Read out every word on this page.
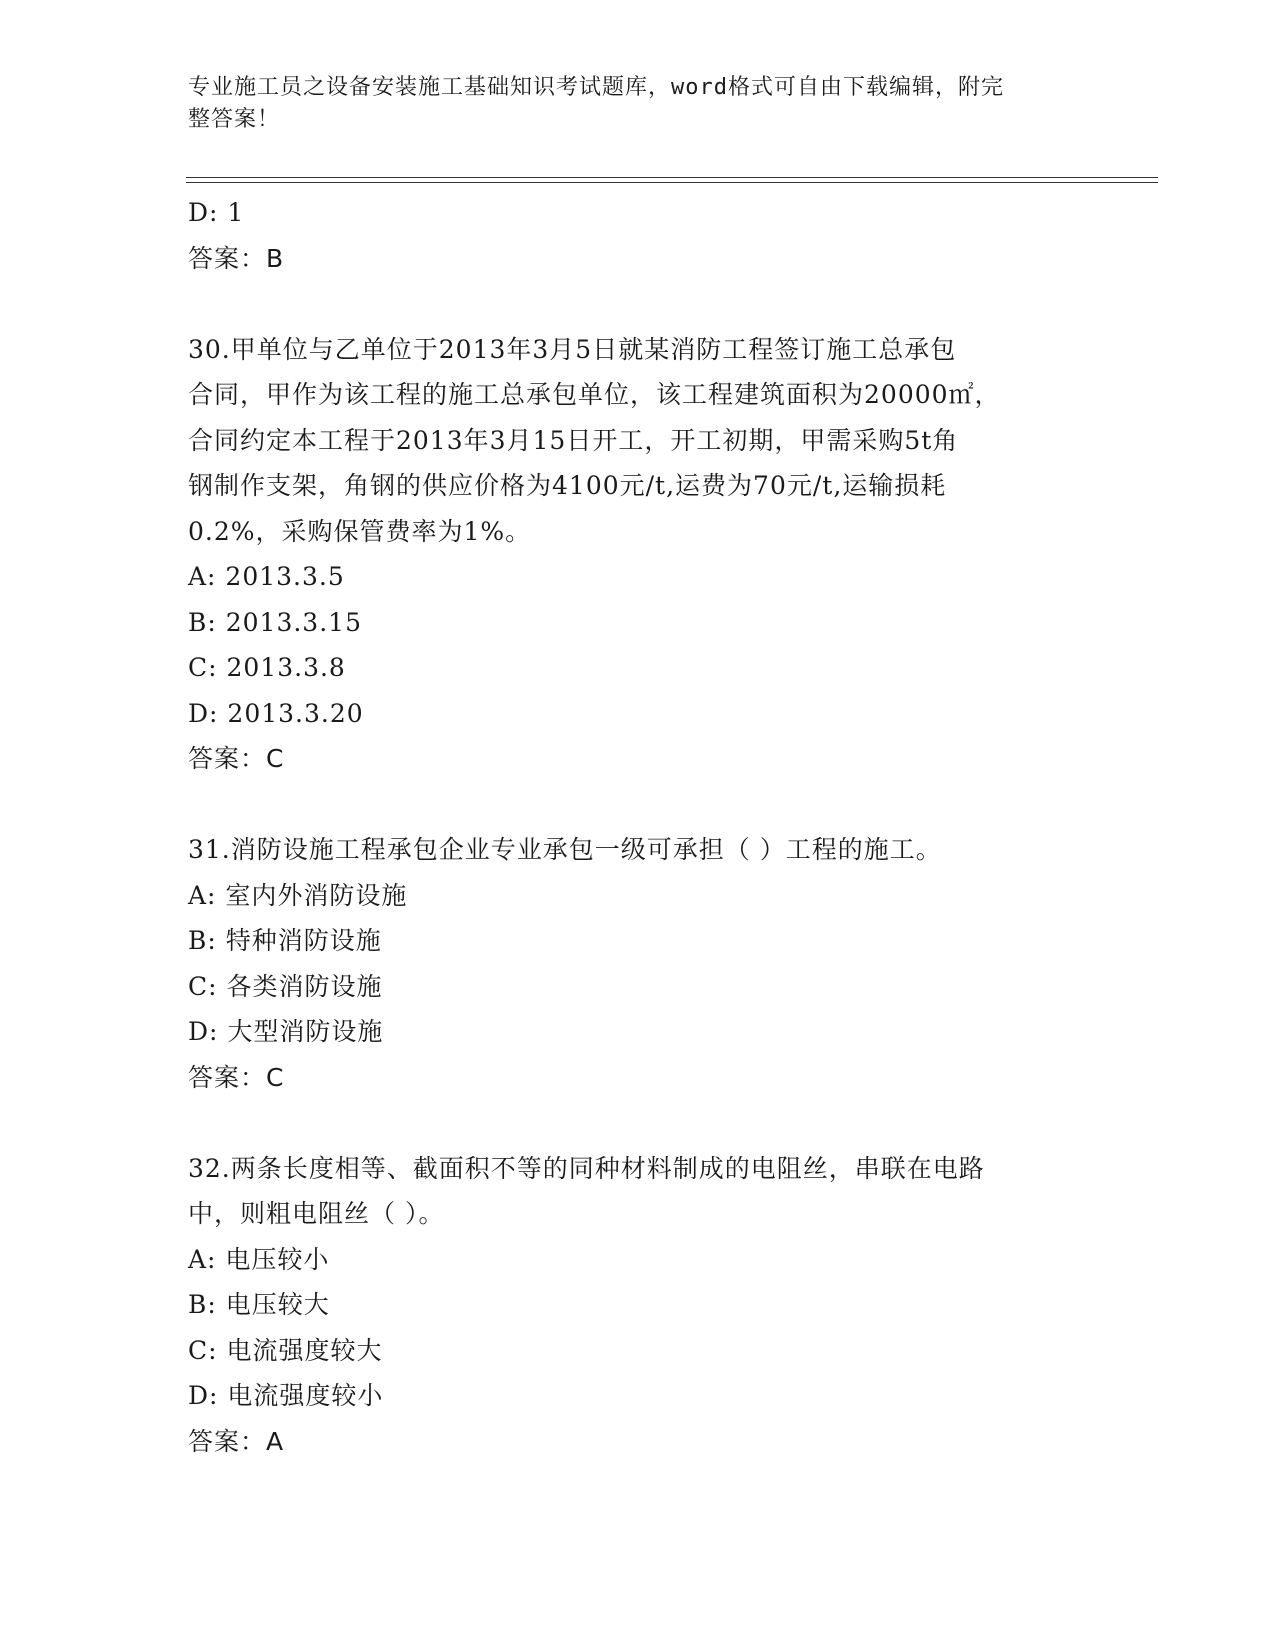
专业施工员之设备安装施工基础知识考试题库，word格式可自由下载编辑，附完
整答案！
D: 1
答案：B
30.甲单位与乙单位于2013年3月5日就某消防工程签订施工总承包
合同，甲作为该工程的施工总承包单位，该工程建筑面积为20000㎡，
合同约定本工程于2013年3月15日开工，开工初期，甲需采购5t角
钢制作支架，角钢的供应价格为4100元/t,运费为70元/t,运输损耗
0.2%，采购保管费率为1%。
A: 2013.3.5
B: 2013.3.15
C: 2013.3.8
D: 2013.3.20
答案：C
31.消防设施工程承包企业专业承包一级可承担（ ）工程的施工。
A: 室内外消防设施
B: 特种消防设施
C: 各类消防设施
D: 大型消防设施
答案：C
32.两条长度相等、截面积不等的同种材料制成的电阻丝，串联在电路
中，则粗电阻丝（ ）。
A: 电压较小
B: 电压较大
C: 电流强度较大
D: 电流强度较小
答案：A
